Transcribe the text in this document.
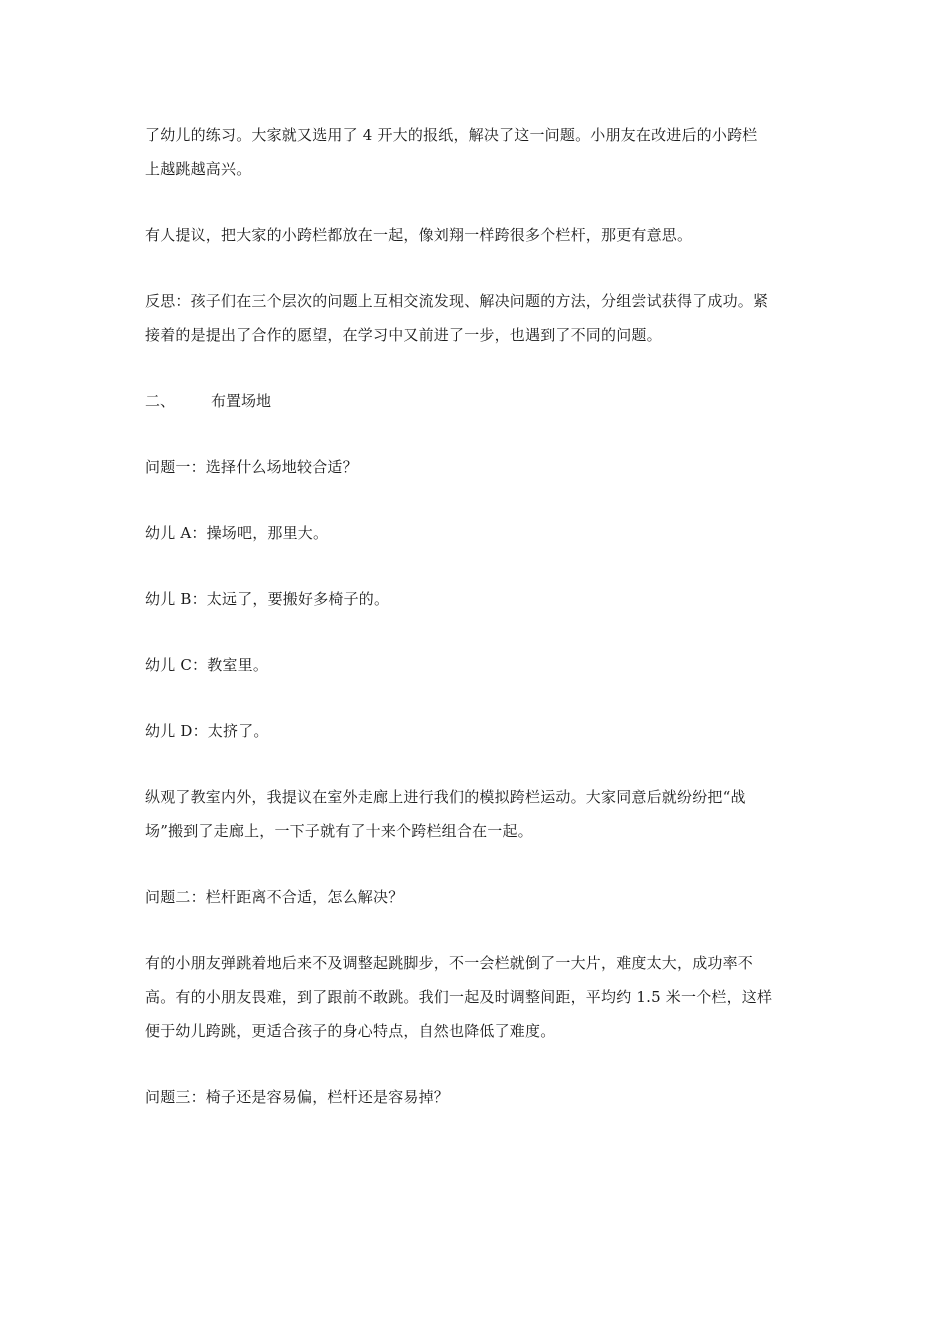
了幼儿的练习。大家就又选用了 4 开大的报纸，解决了这一问题。小朋友在改进后的小跨栏
上越跳越高兴。
有人提议，把大家的小跨栏都放在一起，像刘翔一样跨很多个栏杆，那更有意思。
反思：孩子们在三个层次的问题上互相交流发现、解决问题的方法，分组尝试获得了成功。紧
接着的是提出了合作的愿望，在学习中又前进了一步，也遇到了不同的问题。
二、	布置场地
问题一：选择什么场地较合适？
幼儿 A：操场吧，那里大。
幼儿 B：太远了，要搬好多椅子的。
幼儿 C：教室里。
幼儿 D：太挤了。
纵观了教室内外，我提议在室外走廊上进行我们的模拟跨栏运动。大家同意后就纷纷把“战
场”搬到了走廊上，一下子就有了十来个跨栏组合在一起。
问题二：栏杆距离不合适，怎么解决？
有的小朋友弹跳着地后来不及调整起跳脚步，不一会栏就倒了一大片，难度太大，成功率不
高。有的小朋友畏难，到了跟前不敢跳。我们一起及时调整间距，平均约 1.5 米一个栏，这样
便于幼儿跨跳，更适合孩子的身心特点，自然也降低了难度。
问题三：椅子还是容易偏，栏杆还是容易掉？
